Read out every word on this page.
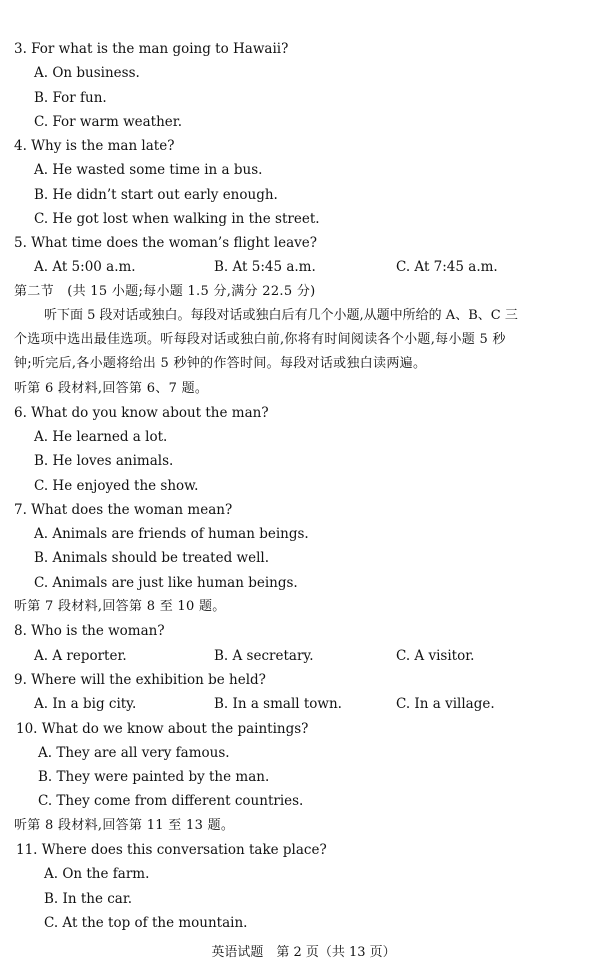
3. For what is the man going to Hawaii?
A. On business.
B. For fun.
C. For warm weather.
4. Why is the man late?
A. He wasted some time in a bus.
B. He didn’t start out early enough.
C. He got lost when walking in the street.
5. What time does the woman’s flight leave?
A. At 5:00 a.m.	B. At 5:45 a.m.	C. At 7:45 a.m.
第二节　(共 15 小题;每小题 1.5 分,满分 22.5 分)
听下面 5 段对话或独白。每段对话或独白后有几个小题,从题中所给的 A、B、C 三
个选项中选出最佳选项。听每段对话或独白前,你将有时间阅读各个小题,每小题 5 秒
钟;听完后,各小题将给出 5 秒钟的作答时间。每段对话或独白读两遍。
听第 6 段材料,回答第 6、7 题。
6. What do you know about the man?
A. He learned a lot.
B. He loves animals.
C. He enjoyed the show.
7. What does the woman mean?
A. Animals are friends of human beings.
B. Animals should be treated well.
C. Animals are just like human beings.
听第 7 段材料,回答第 8 至 10 题。
8. Who is the woman?
A. A reporter.	B. A secretary.	C. A visitor.
9. Where will the exhibition be held?
A. In a big city.	B. In a small town.	C. In a village.
10. What do we know about the paintings?
A. They are all very famous.
B. They were painted by the man.
C. They come from different countries.
听第 8 段材料,回答第 11 至 13 题。
11. Where does this conversation take place?
A. On the farm.
B. In the car.
C. At the top of the mountain.
英语试题　第 2 页（共 13 页）
